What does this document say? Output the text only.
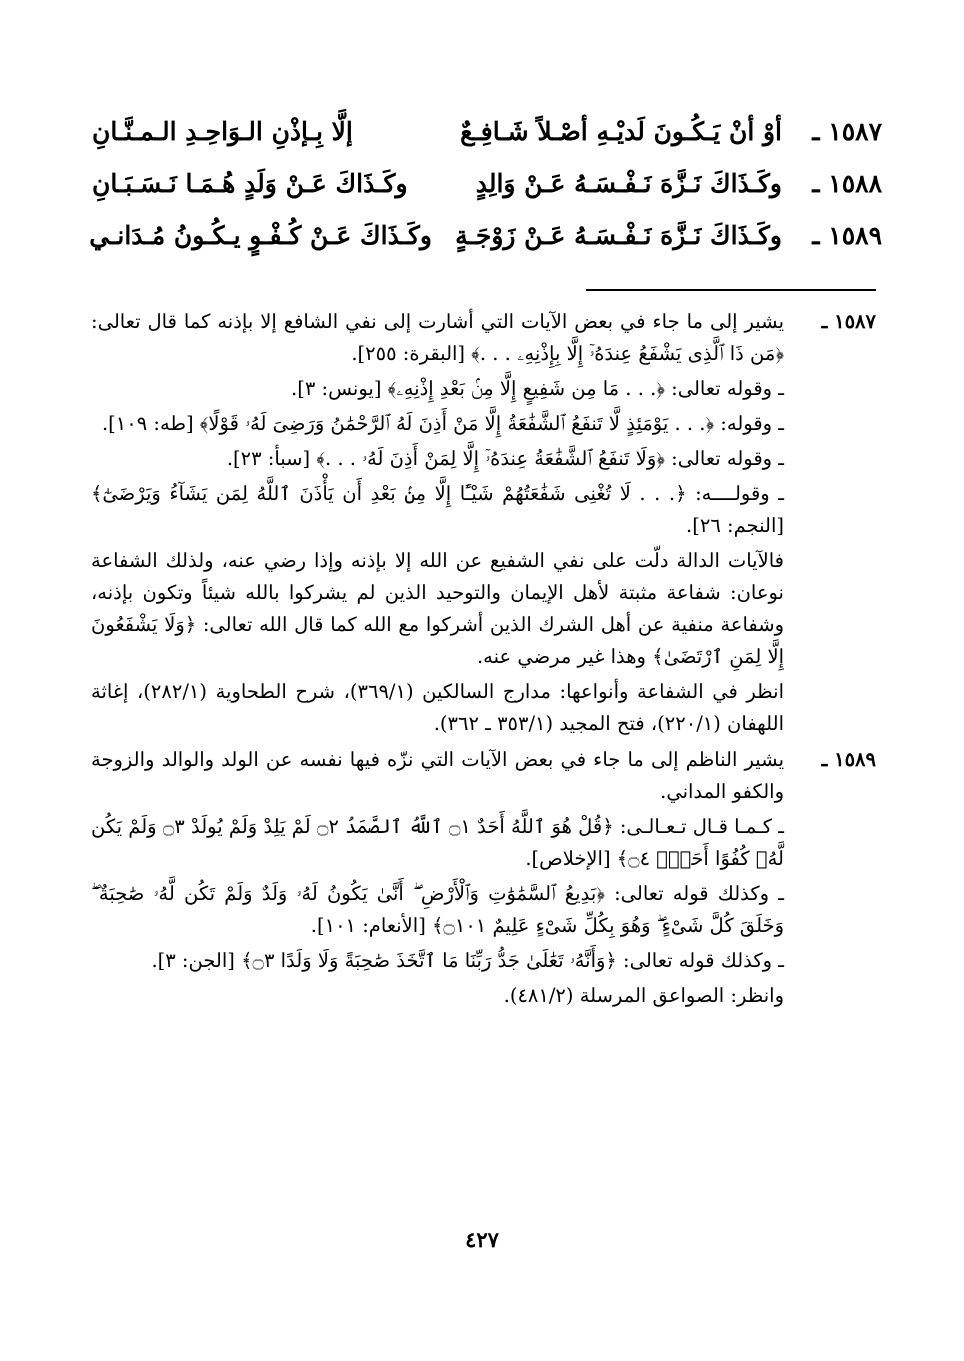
١٥٨٧ ـ
أوْ أنْ يَـكُـونَ لَديْـهِ أصْـلاً شَـافِـعٌ
إلَّا بِـإذْنِ الـوَاحِـدِ الـمـنَّـانِ
١٥٨٨ ـ
وكَـذَاكَ نَـزَّهَ نَـفْـسَـهُ عَـنْ وَالِدٍ
وكَـذَاكَ عَـنْ وَلَدٍ هُـمَـا نَـسَـبَـانِ
١٥٨٩ ـ
وكَـذَاكَ نَـزَّهَ نَـفْـسَـهُ عَـنْ زَوْجَـةٍ
وكَـذَاكَ عَـنْ كُـفْـوٍ يـكُـونُ مُـدَانـي
١٥٨٧ ـ

يشير إلى ما جاء في بعض الآيات التي أشارت إلى نفي الشافع إلا بإذنه كما قال تعالى: ﴿مَن ذَا ٱلَّذِى يَشْفَعُ عِندَهُۥٓ إِلَّا بِإِذْنِهِۦ . . .﴾ [البقرة: ٢٥٥].

ـ وقوله تعالى: ﴿. . . مَا مِن شَفِيعٍ إِلَّا مِنۢ بَعْدِ إِذْنِهِۦ﴾ [يونس: ٣].

ـ وقوله: ﴿. . . يَوْمَئِذٍ لَّا تَنفَعُ ٱلشَّفَٰعَةُ إِلَّا مَنْ أَذِنَ لَهُ ٱلرَّحْمَٰنُ وَرَضِىَ لَهُۥ قَوْلًا﴾ [طه: ١٠٩].

ـ وقوله تعالى: ﴿وَلَا تَنفَعُ ٱلشَّفَٰعَةُ عِندَهُۥٓ إِلَّا لِمَنْ أَذِنَ لَهُۥ . . .﴾ [سبأ: ٢٣].

ـ وقولــــه: ﴿. . . لَا تُغْنِى شَفَٰعَتُهُمْ شَيْـًٔا إِلَّا مِنۢ بَعْدِ أَن يَأْذَنَ ٱللَّهُ لِمَن يَشَآءُ وَيَرْضَىٰٓ﴾ [النجم: ٢٦].

فالآيات الدالة دلّت على نفي الشفيع عن الله إلا بإذنه وإذا رضي عنه، ولذلك الشفاعة نوعان: شفاعة مثبتة لأهل الإيمان والتوحيد الذين لم يشركوا بالله شيئاً وتكون بإذنه، وشفاعة منفية عن أهل الشرك الذين أشركوا مع الله كما قال الله تعالى: ﴿وَلَا يَشْفَعُونَ إِلَّا لِمَنِ ٱرْتَضَىٰ﴾ وهذا غير مرضي عنه.

انظر في الشفاعة وأنواعها: مدارج السالكين (٣٦٩/١)، شرح الطحاوية (٢٨٢/١)، إغاثة اللهفان (٢٢٠/١)، فتح المجيد (٣٥٣/١ ـ ٣٦٢).

١٥٨٩ ـ

يشير الناظم إلى ما جاء في بعض الآيات التي نزّه فيها نفسه عن الولد والوالد والزوجة والكفو المداني.

ـ كـمـا قـال تـعـالـى: ﴿قُلْ هُوَ ٱللَّهُ أَحَدٌ ۝١ ٱللَّهُ ٱلصَّمَدُ ۝٢ لَمْ يَلِدْ وَلَمْ يُولَدْ ۝٣ وَلَمْ يَكُن لَّهُۥ كُفُوًا أَحَدٌۢ ۝٤﴾ [الإخلاص].

ـ وكذلك قوله تعالى: ﴿بَدِيعُ ٱلسَّمَٰوَٰتِ وَٱلْأَرْضِ ۖ أَنَّىٰ يَكُونُ لَهُۥ وَلَدٌ وَلَمْ تَكُن لَّهُۥ صَٰحِبَةٌ ۖ وَخَلَقَ كُلَّ شَىْءٍ ۖ وَهُوَ بِكُلِّ شَىْءٍ عَلِيمٌ ۝١٠١﴾ [الأنعام: ١٠١].

ـ وكذلك قوله تعالى: ﴿وَأَنَّهُۥ تَعَٰلَىٰ جَدُّ رَبِّنَا مَا ٱتَّخَذَ صَٰحِبَةً وَلَا وَلَدًا ۝٣﴾ [الجن: ٣].

وانظر: الصواعق المرسلة (٤٨١/٢).

٤٢٧
